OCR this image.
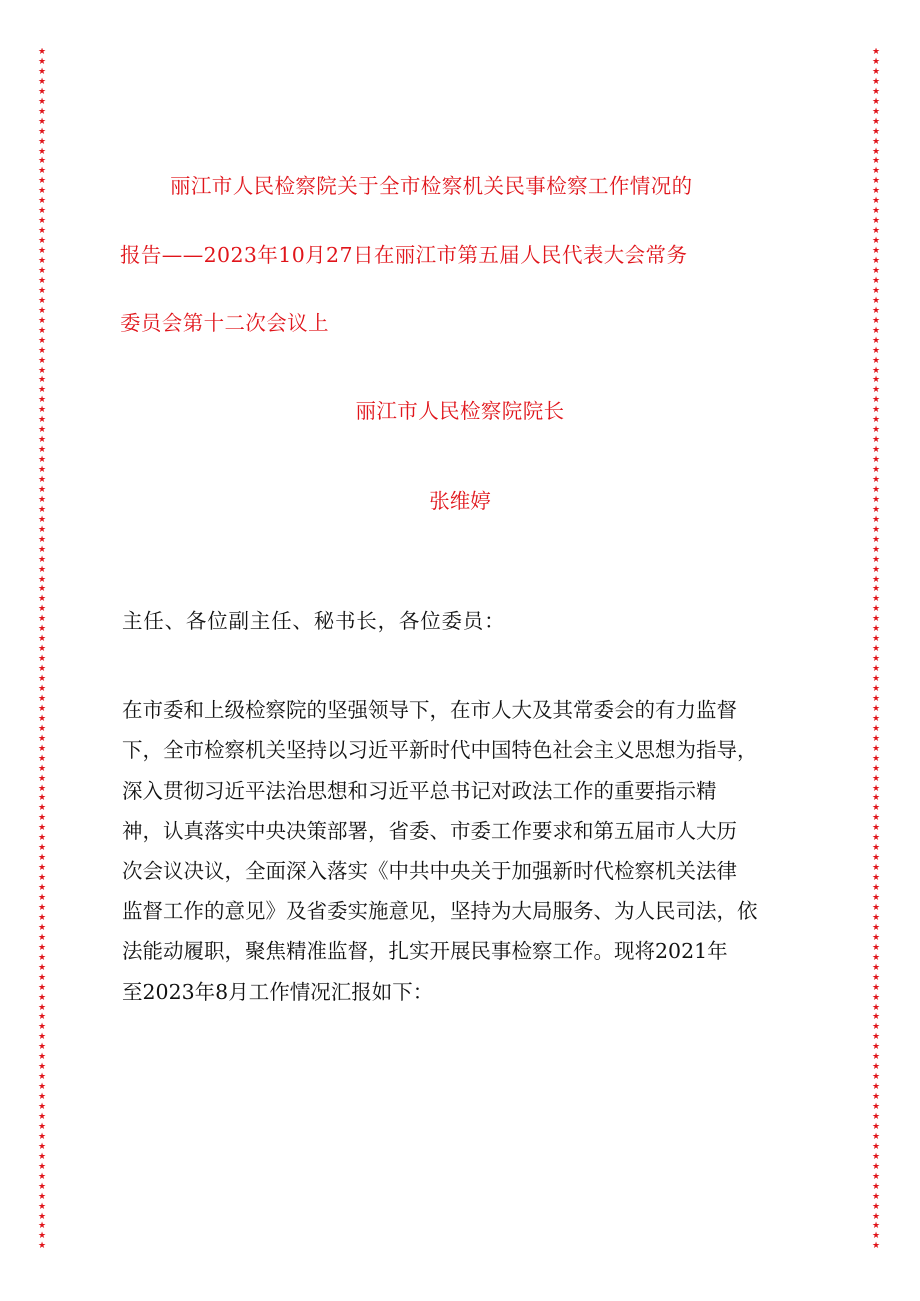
★
★
★
★
★
★
★
★
★
★
★
★
★
★
★
★
★
★
★
★
★
★
★
★
★
★
★
★
★
★
★
★
★
★
★
★
★
★
★
★
★
★
★
★
★
★
★
★
★
★
★
★
★
★
★
★
★
★
★
★
★
★
★
★
★
★
★
★
★
★
★
★
★
★
★
★
★
★
★
★
★
★
★
★
★
★
★
★
★
★
★
★
★
★
★
★
★
★
★
★
★
★
★
★
★
★
★
★
★
★
★
★
★
★
★
★
★
★
★
★
★
★
★
★
★
★
★
★
★
★
★
★
★
★
★
★
★
★
★
★
★
★
★
★
★
★
★
★
★
★
★
★
★
★
★
★
★
★
★
★
★
★
★
★
★
★
★
★
★
★
★
★
★
★
★
★
★
★
★
★
★
★
★
★
★
★
★
★
★
★
★
★
★
★
★
★
★
★
★
★
★
★
★
★
★
★
★
★
★
★
★
★
★
★
★
★
★
★
★
★
★
★
★
★
★
★
★
★
★
★
★
★
★
★
★
★
★
★
★
★
★
★
丽江市人民检察院关于全市检察机关民事检察工作情况的
报告——2023年10月27日在丽江市第五届人民代表大会常务
委员会第十二次会议上
丽江市人民检察院院长
张维婷
主任、各位副主任、秘书长，各位委员：
在市委和上级检察院的坚强领导下，在市人大及其常委会的有力监督
下，全市检察机关坚持以习近平新时代中国特色社会主义思想为指导，
深入贯彻习近平法治思想和习近平总书记对政法工作的重要指示精
神，认真落实中央决策部署，省委、市委工作要求和第五届市人大历
次会议决议，全面深入落实《中共中央关于加强新时代检察机关法律
监督工作的意见》及省委实施意见，坚持为大局服务、为人民司法，依
法能动履职，聚焦精准监督，扎实开展民事检察工作。现将2021年
至2023年8月工作情况汇报如下：
